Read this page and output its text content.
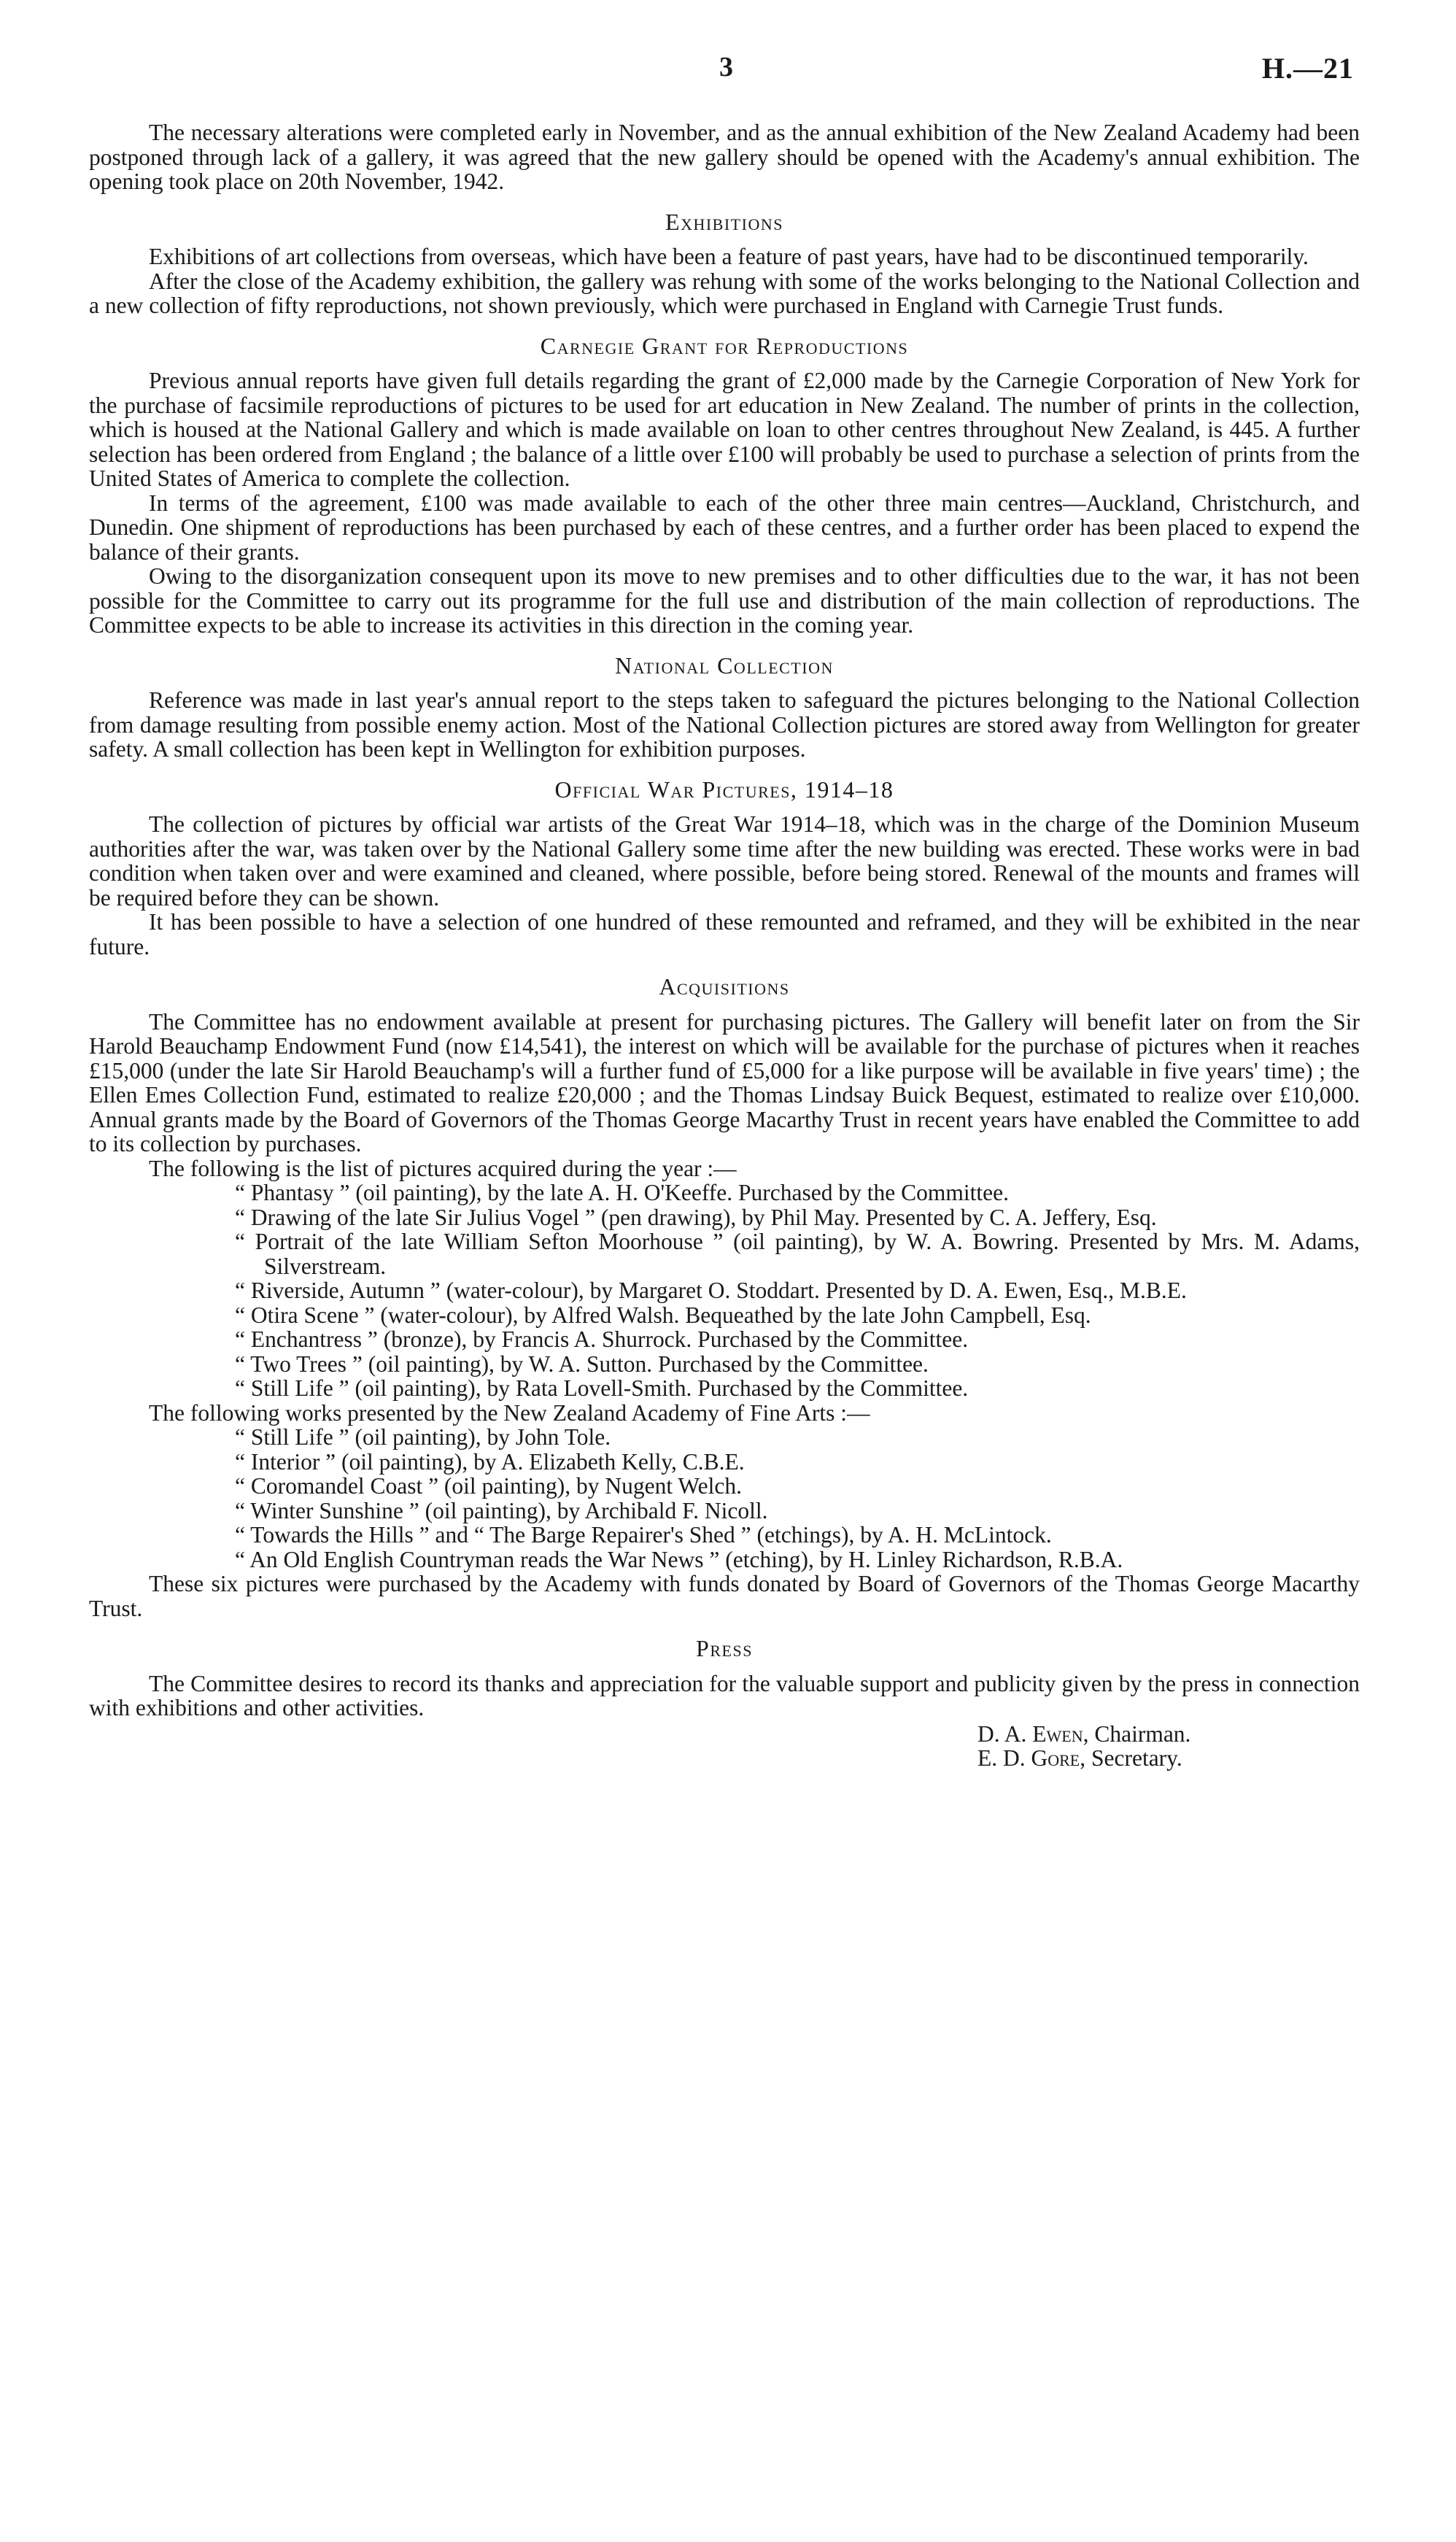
3	H.—21

The necessary alterations were completed early in November, and as the annual exhibition of the New Zealand Academy had been postponed through lack of a gallery, it was agreed that the new gallery should be opened with the Academy's annual exhibition. The opening took place on 20th November, 1942.

Exhibitions

Exhibitions of art collections from overseas, which have been a feature of past years, have had to be discontinued temporarily.

After the close of the Academy exhibition, the gallery was rehung with some of the works belonging to the National Collection and a new collection of fifty reproductions, not shown previously, which were purchased in England with Carnegie Trust funds.

Carnegie Grant for Reproductions

Previous annual reports have given full details regarding the grant of £2,000 made by the Carnegie Corporation of New York for the purchase of facsimile reproductions of pictures to be used for art education in New Zealand. The number of prints in the collection, which is housed at the National Gallery and which is made available on loan to other centres throughout New Zealand, is 445. A further selection has been ordered from England ; the balance of a little over £100 will probably be used to purchase a selection of prints from the United States of America to complete the collection.

In terms of the agreement, £100 was made available to each of the other three main centres—Auckland, Christchurch, and Dunedin. One shipment of reproductions has been purchased by each of these centres, and a further order has been placed to expend the balance of their grants.

Owing to the disorganization consequent upon its move to new premises and to other difficulties due to the war, it has not been possible for the Committee to carry out its programme for the full use and distribution of the main collection of reproductions. The Committee expects to be able to increase its activities in this direction in the coming year.

National Collection

Reference was made in last year's annual report to the steps taken to safeguard the pictures belonging to the National Collection from damage resulting from possible enemy action. Most of the National Collection pictures are stored away from Wellington for greater safety. A small collection has been kept in Wellington for exhibition purposes.

Official War Pictures, 1914–18

The collection of pictures by official war artists of the Great War 1914–18, which was in the charge of the Dominion Museum authorities after the war, was taken over by the National Gallery some time after the new building was erected. These works were in bad condition when taken over and were examined and cleaned, where possible, before being stored. Renewal of the mounts and frames will be required before they can be shown.

It has been possible to have a selection of one hundred of these remounted and reframed, and they will be exhibited in the near future.

Acquisitions

The Committee has no endowment available at present for purchasing pictures. The Gallery will benefit later on from the Sir Harold Beauchamp Endowment Fund (now £14,541), the interest on which will be available for the purchase of pictures when it reaches £15,000 (under the late Sir Harold Beauchamp's will a further fund of £5,000 for a like purpose will be available in five years' time) ; the Ellen Emes Collection Fund, estimated to realize £20,000 ; and the Thomas Lindsay Buick Bequest, estimated to realize over £10,000. Annual grants made by the Board of Governors of the Thomas George Macarthy Trust in recent years have enabled the Committee to add to its collection by purchases.

The following is the list of pictures acquired during the year :—

“ Phantasy ” (oil painting), by the late A. H. O'Keeffe. Purchased by the Committee.
“ Drawing of the late Sir Julius Vogel ” (pen drawing), by Phil May. Presented by C. A. Jeffery, Esq.
“ Portrait of the late William Sefton Moorhouse ” (oil painting), by W. A. Bowring. Presented by Mrs. M. Adams, Silverstream.
“ Riverside, Autumn ” (water-colour), by Margaret O. Stoddart. Presented by D. A. Ewen, Esq., M.B.E.
“ Otira Scene ” (water-colour), by Alfred Walsh. Bequeathed by the late John Campbell, Esq.
“ Enchantress ” (bronze), by Francis A. Shurrock. Purchased by the Committee.
“ Two Trees ” (oil painting), by W. A. Sutton. Purchased by the Committee.
“ Still Life ” (oil painting), by Rata Lovell-Smith. Purchased by the Committee.

The following works presented by the New Zealand Academy of Fine Arts :—

“ Still Life ” (oil painting), by John Tole.
“ Interior ” (oil painting), by A. Elizabeth Kelly, C.B.E.
“ Coromandel Coast ” (oil painting), by Nugent Welch.
“ Winter Sunshine ” (oil painting), by Archibald F. Nicoll.
“ Towards the Hills ” and “ The Barge Repairer's Shed ” (etchings), by A. H. McLintock.
“ An Old English Countryman reads the War News ” (etching), by H. Linley Richardson, R.B.A.

These six pictures were purchased by the Academy with funds donated by Board of Governors of the Thomas George Macarthy Trust.

Press

The Committee desires to record its thanks and appreciation for the valuable support and publicity given by the press in connection with exhibitions and other activities.

D. A. Ewen, Chairman.
E. D. Gore, Secretary.
